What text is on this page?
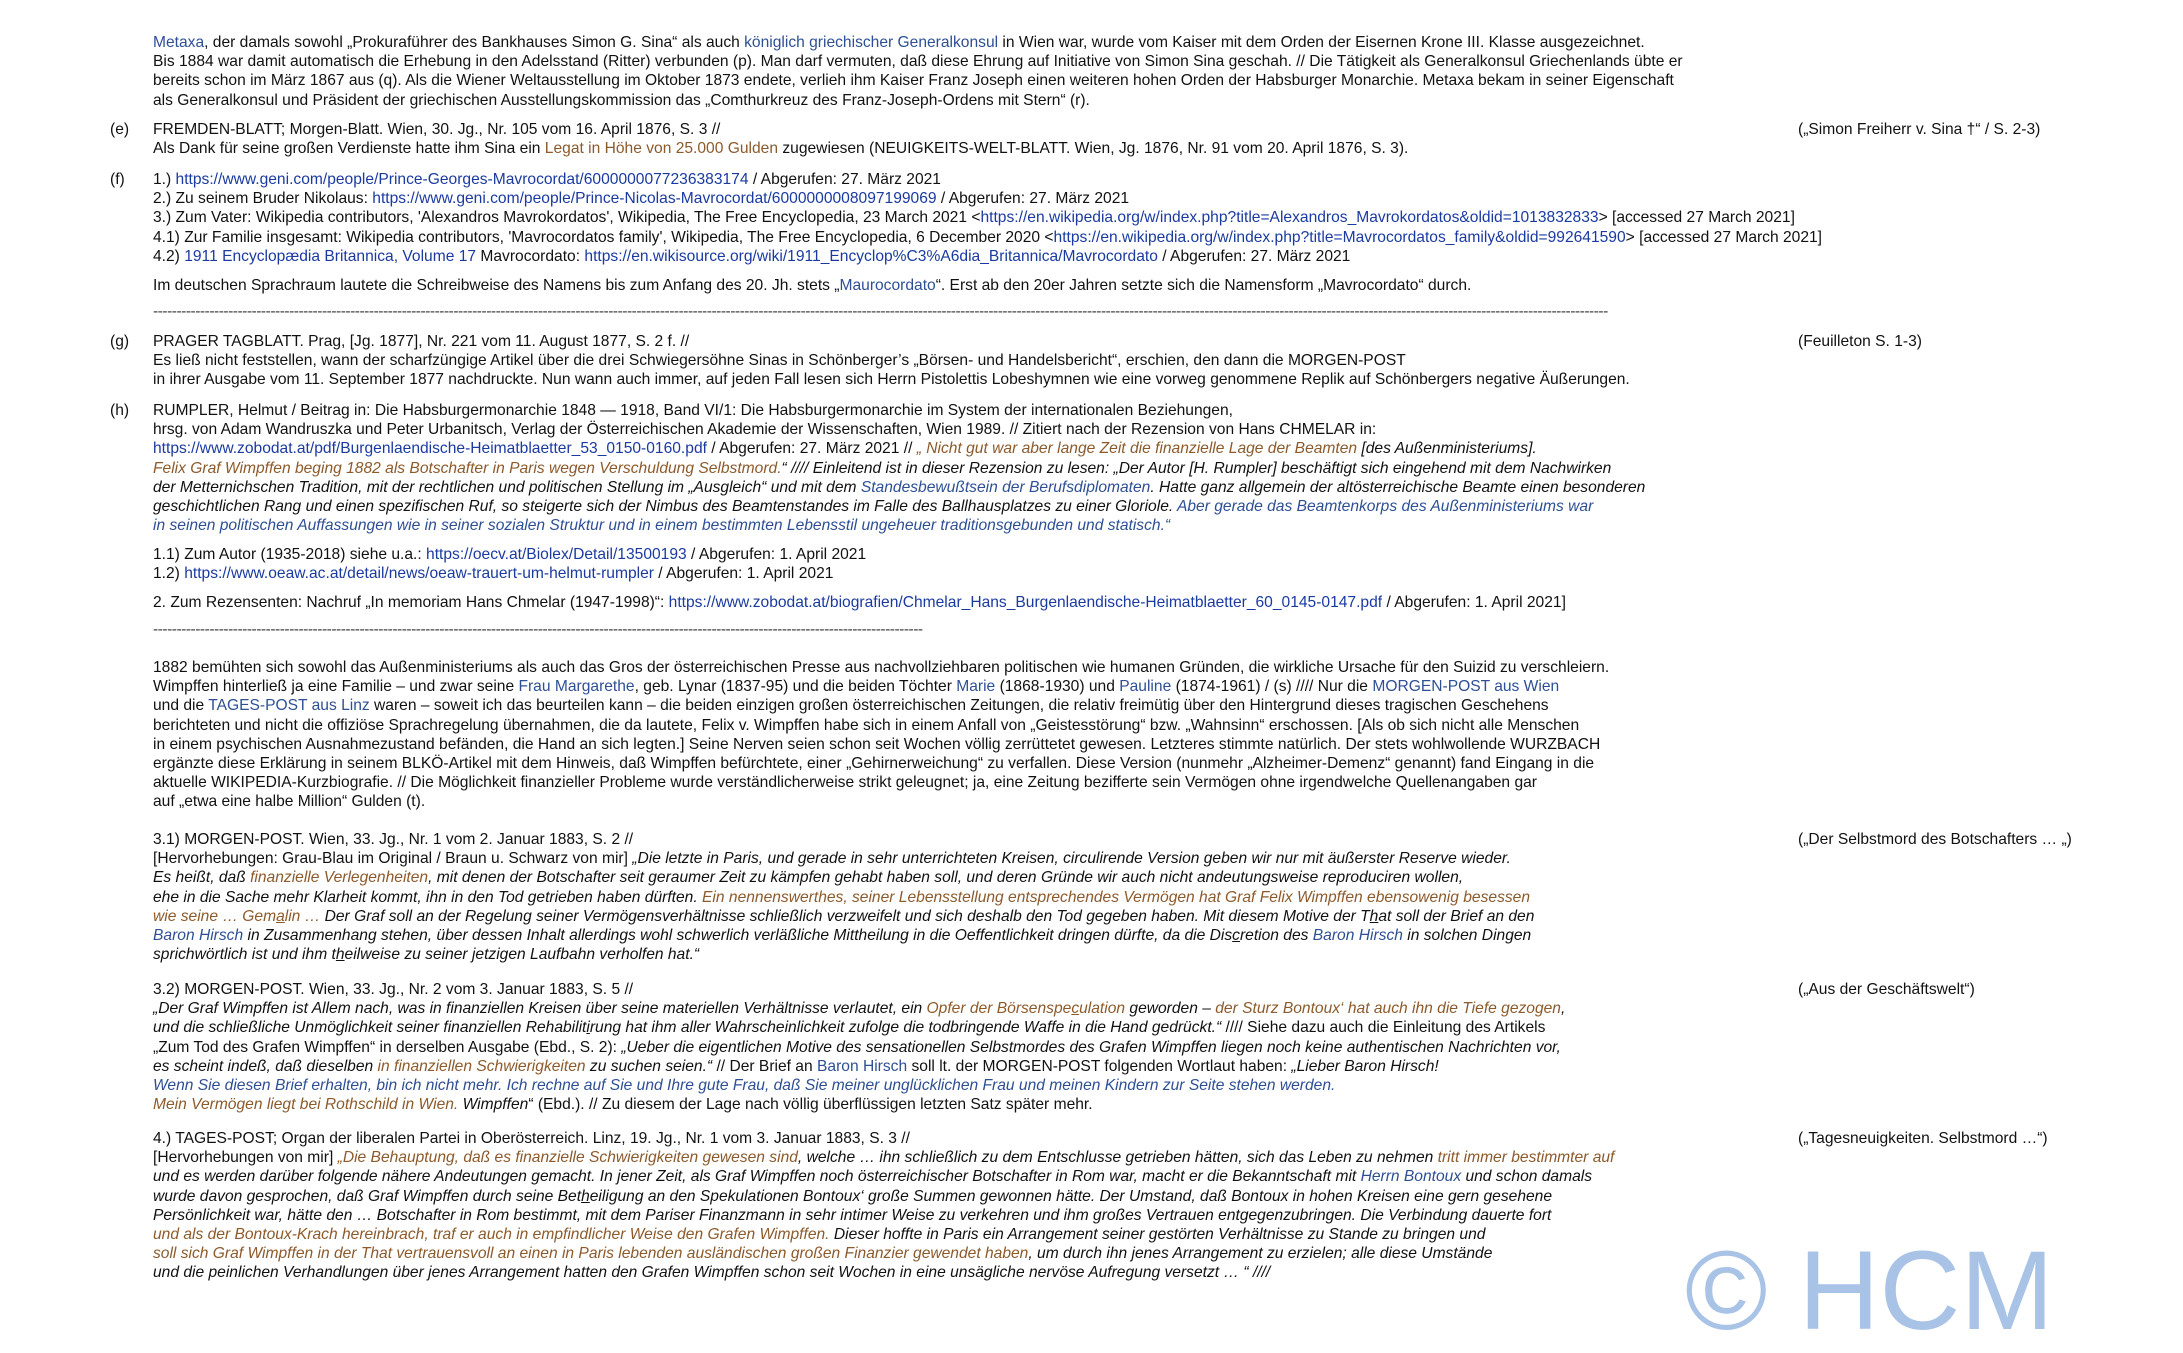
Metaxa, der damals sowohl „Prokuraführer des Bankhauses Simon G. Sina“ als auch königlich griechischer Generalkonsul in Wien war, wurde vom Kaiser mit dem Orden der Eisernen Krone III. Klasse ausgezeichnet.

Bis 1884 war damit automatisch die Erhebung in den Adelsstand (Ritter) verbunden (p). Man darf vermuten, daß diese Ehrung auf Initiative von Simon Sina geschah. // Die Tätigkeit als Generalkonsul Griechenlands übte er

bereits schon im März 1867 aus (q). Als die Wiener Weltausstellung im Oktober 1873 endete, verlieh ihm Kaiser Franz Joseph einen weiteren hohen Orden der Habsburger Monarchie. Metaxa bekam in seiner Eigenschaft

als Generalkonsul und Präsident der griechischen Ausstellungskommission das „Comthurkreuz des Franz-Joseph-Ordens mit Stern“ (r).

(e)	FREMDEN-BLATT; Morgen-Blatt. Wien, 30. Jg., Nr. 105 vom 16. April 1876, S. 3 //

Als Dank für seine großen Verdienste hatte ihm Sina ein Legat in Höhe von 25.000 Gulden zugewiesen (NEUIGKEITS-WELT-BLATT. Wien, Jg. 1876, Nr. 91 vom 20. April 1876, S. 3).

(„Simon Freiherr v. Sina †“ / S. 2-3)
(f)	1.) https://www.geni.com/people/Prince-Georges-Mavrocordat/6000000077236383174 / Abgerufen: 27. März 2021

2.) Zu seinem Bruder Nikolaus: https://www.geni.com/people/Prince-Nicolas-Mavrocordat/6000000008097199069 / Abgerufen: 27. März 2021

3.) Zum Vater: Wikipedia contributors, 'Alexandros Mavrokordatos', Wikipedia, The Free Encyclopedia, 23 March 2021 <https://en.wikipedia.org/w/index.php?title=Alexandros_Mavrokordatos&oldid=1013832833> [accessed 27 March 2021]

4.1) Zur Familie insgesamt: Wikipedia contributors, 'Mavrocordatos family', Wikipedia, The Free Encyclopedia, 6 December 2020 <https://en.wikipedia.org/w/index.php?title=Mavrocordatos_family&oldid=992641590> [accessed 27 March 2021]

4.2) 1911 Encyclopædia Britannica, Volume 17 Mavrocordato: https://en.wikisource.org/wiki/1911_Encyclop%C3%A6dia_Britannica/Mavrocordato / Abgerufen: 27. März 2021

Im deutschen Sprachraum lautete die Schreibweise des Namens bis zum Anfang des 20. Jh. stets „Maurocordato“. Erst ab den 20er Jahren setzte sich die Namensform „Mavrocordato“ durch.

----------------------------------------------------------------------------------------------------------------------------------------------------------------------------------------------------------------------------------------------------------------------------------------------------------------------
(g)	PRAGER TAGBLATT. Prag, [Jg. 1877], Nr. 221 vom 11. August 1877, S. 2 f. //

Es ließ nicht feststellen, wann der scharfzüngige Artikel über die drei Schwiegersöhne Sinas in Schönberger’s „Börsen- und Handelsbericht“, erschien, den dann die MORGEN-POST

in ihrer Ausgabe vom 11. September 1877 nachdruckte. Nun wann auch immer, auf jeden Fall lesen sich Herrn Pistolettis Lobeshymnen wie eine vorweg genommene Replik auf Schönbergers negative Äußerungen.

(Feuilleton S. 1-3)
(h)	RUMPLER, Helmut / Beitrag in: Die Habsburgermonarchie 1848 — 1918, Band VI/1: Die Habsburgermonarchie im System der internationalen Beziehungen,

hrsg. von Adam Wandruszka und Peter Urbanitsch, Verlag der Österreichischen Akademie der Wissenschaften, Wien 1989. // Zitiert nach der Rezension von Hans CHMELAR in:

https://www.zobodat.at/pdf/Burgenlaendische-Heimatblaetter_53_0150-0160.pdf / Abgerufen: 27. März 2021 // „ Nicht gut war aber lange Zeit die finanzielle Lage der Beamten [des Außenministeriums].

Felix Graf Wimpffen beging 1882 als Botschafter in Paris wegen Verschuldung Selbstmord.“ //// Einleitend ist in dieser Rezension zu lesen: „Der Autor [H. Rumpler] beschäftigt sich eingehend mit dem Nachwirken

der Metternichschen Tradition, mit der rechtlichen und politischen Stellung im „Ausgleich“ und mit dem Standesbewußtsein der Berufsdiplomaten. Hatte ganz allgemein der altösterreichische Beamte einen besonderen

geschichtlichen Rang und einen spezifischen Ruf, so steigerte sich der Nimbus des Beamtenstandes im Falle des Ballhausplatzes zu einer Gloriole. Aber gerade das Beamtenkorps des Außenministeriums war

in seinen politischen Auffassungen wie in seiner sozialen Struktur und in einem bestimmten Lebensstil ungeheuer traditionsgebunden und statisch.“

1.1) Zum Autor (1935-2018) siehe u.a.: https://oecv.at/Biolex/Detail/13500193 / Abgerufen: 1. April 2021

1.2) https://www.oeaw.ac.at/detail/news/oeaw-trauert-um-helmut-rumpler / Abgerufen: 1. April 2021

2. Zum Rezensenten: Nachruf „In memoriam Hans Chmelar (1947-1998)“: https://www.zobodat.at/biografien/Chmelar_Hans_Burgenlaendische-Heimatblaetter_60_0145-0147.pdf / Abgerufen: 1. April 2021]

--------------------------------------------------------------------------------------------------------------------------------------------------------------------

1882 bemühten sich sowohl das Außenministeriums als auch das Gros der österreichischen Presse aus nachvollziehbaren politischen wie humanen Gründen, die wirkliche Ursache für den Suizid zu verschleiern.

Wimpffen hinterließ ja eine Familie – und zwar seine Frau Margarethe, geb. Lynar (1837-95) und die beiden Töchter Marie (1868-1930) und Pauline (1874-1961) / (s) //// Nur die MORGEN-POST aus Wien

und die TAGES-POST aus Linz waren – soweit ich das beurteilen kann – die beiden einzigen großen österreichischen Zeitungen, die relativ freimütig über den Hintergrund dieses tragischen Geschehens

berichteten und nicht die offiziöse Sprachregelung übernahmen, die da lautete, Felix v. Wimpffen habe sich in einem Anfall von „Geistesstörung“ bzw. „Wahnsinn“ erschossen. [Als ob sich nicht alle Menschen

in einem psychischen Ausnahmezustand befänden, die Hand an sich legten.] Seine Nerven seien schon seit Wochen völlig zerrüttetet gewesen. Letzteres stimmte natürlich. Der stets wohlwollende WURZBACH

ergänzte diese Erklärung in seinem BLKÖ-Artikel mit dem Hinweis, daß Wimpffen befürchtete, einer „Gehirnerweichung“ zu verfallen. Diese Version (nunmehr „Alzheimer-Demenz“ genannt) fand Eingang in die

aktuelle WIKIPEDIA-Kurzbiografie. // Die Möglichkeit finanzieller Probleme wurde verständlicherweise strikt geleugnet; ja, eine Zeitung bezifferte sein Vermögen ohne irgendwelche Quellenangaben gar

auf „etwa eine halbe Million“ Gulden (t).

3.1) MORGEN-POST. Wien, 33. Jg., Nr. 1 vom 2. Januar 1883, S. 2 //

[Hervorhebungen: Grau-Blau im Original / Braun u. Schwarz von mir] „Die letzte in Paris, und gerade in sehr unterrichteten Kreisen, circulirende Version geben wir nur mit äußerster Reserve wieder.

Es heißt, daß finanzielle Verlegenheiten, mit denen der Botschafter seit geraumer Zeit zu kämpfen gehabt haben soll, und deren Gründe wir auch nicht andeutungsweise reproduciren wollen,

ehe in die Sache mehr Klarheit kommt, ihn in den Tod getrieben haben dürften. Ein nennenswerthes, seiner Lebensstellung entsprechendes Vermögen hat Graf Felix Wimpffen ebensowenig besessen

wie seine … Gemalin … Der Graf soll an der Regelung seiner Vermögensverhältnisse schließlich verzweifelt und sich deshalb den Tod gegeben haben. Mit diesem Motive der That soll der Brief an den

Baron Hirsch in Zusammenhang stehen, über dessen Inhalt allerdings wohl schwerlich verläßliche Mittheilung in die Oeffentlichkeit dringen dürfte, da die Discretion des Baron Hirsch in solchen Dingen

sprichwörtlich ist und ihm theilweise zu seiner jetzigen Laufbahn verholfen hat.“

(„Der Selbstmord des Botschafters … „)

3.2) MORGEN-POST. Wien, 33. Jg., Nr. 2 vom 3. Januar 1883, S. 5 //

„Der Graf Wimpffen ist Allem nach, was in finanziellen Kreisen über seine materiellen Verhältnisse verlautet, ein Opfer der Börsenspeculation geworden – der Sturz Bontoux‘ hat auch ihn die Tiefe gezogen,

und die schließliche Unmöglichkeit seiner finanziellen Rehabilitirung hat ihm aller Wahrscheinlichkeit zufolge die todbringende Waffe in die Hand gedrückt.“ //// Siehe dazu auch die Einleitung des Artikels

„Zum Tod des Grafen Wimpffen“ in derselben Ausgabe (Ebd., S. 2): „Ueber die eigentlichen Motive des sensationellen Selbstmordes des Grafen Wimpffen liegen noch keine authentischen Nachrichten vor,

es scheint indeß, daß dieselben in finanziellen Schwierigkeiten zu suchen seien.“ // Der Brief an Baron Hirsch soll lt. der MORGEN-POST folgenden Wortlaut haben: „Lieber Baron Hirsch!

Wenn Sie diesen Brief erhalten, bin ich nicht mehr. Ich rechne auf Sie und Ihre gute Frau, daß Sie meiner unglücklichen Frau und meinen Kindern zur Seite stehen werden.

Mein Vermögen liegt bei Rothschild in Wien. Wimpffen“ (Ebd.). // Zu diesem der Lage nach völlig überflüssigen letzten Satz später mehr.

(„Aus der Geschäftswelt“)

4.) TAGES-POST; Organ der liberalen Partei in Oberösterreich. Linz, 19. Jg., Nr. 1 vom 3. Januar 1883, S. 3 //

[Hervorhebungen von mir] „Die Behauptung, daß es finanzielle Schwierigkeiten gewesen sind, welche … ihn schließlich zu dem Entschlusse getrieben hätten, sich das Leben zu nehmen tritt immer bestimmter auf

und es werden darüber folgende nähere Andeutungen gemacht. In jener Zeit, als Graf Wimpffen noch österreichischer Botschafter in Rom war, macht er die Bekanntschaft mit Herrn Bontoux und schon damals

wurde davon gesprochen, daß Graf Wimpffen durch seine Betheiligung an den Spekulationen Bontoux‘ große Summen gewonnen hätte. Der Umstand, daß Bontoux in hohen Kreisen eine gern gesehene

Persönlichkeit war, hätte den … Botschafter in Rom bestimmt, mit dem Pariser Finanzmann in sehr intimer Weise zu verkehren und ihm großes Vertrauen entgegenzubringen. Die Verbindung dauerte fort

und als der Bontoux-Krach hereinbrach, traf er auch in empfindlicher Weise den Grafen Wimpffen. Dieser hoffte in Paris ein Arrangement seiner gestörten Verhältnisse zu Stande zu bringen und

soll sich Graf Wimpffen in der That vertrauensvoll an einen in Paris lebenden ausländischen großen Finanzier gewendet haben, um durch ihn jenes Arrangement zu erzielen; alle diese Umstände

und die peinlichen Verhandlungen über jenes Arrangement hatten den Grafen Wimpffen schon seit Wochen in eine unsägliche nervöse Aufregung versetzt … “ ////

(„Tagesneuigkeiten. Selbstmord …“)
© HCM
